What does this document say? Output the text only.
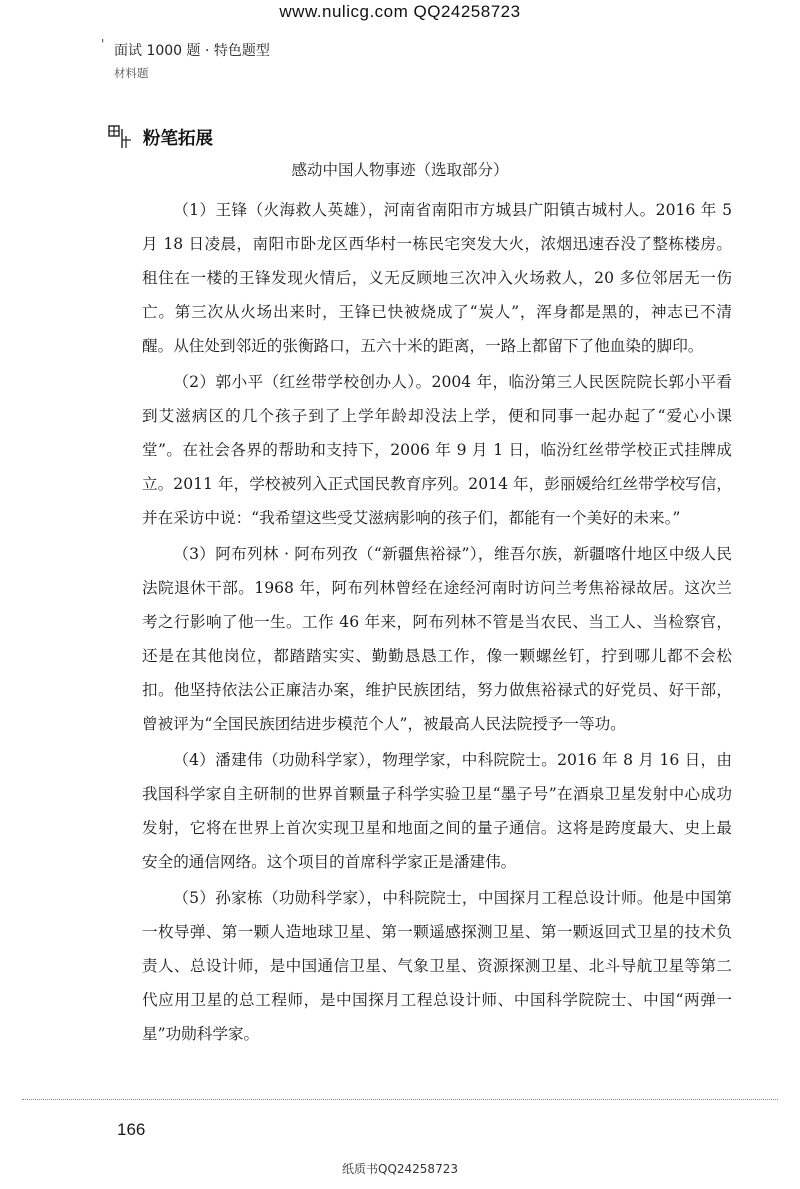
www.nulicg.com QQ24258723
' 面试 1000 题 · 特色题型
材料题
粉笔拓展
感动中国人物事迹（选取部分）

（1）王锋（火海救人英雄），河南省南阳市方城县广阳镇古城村人。2016 年 5 月 18 日凌晨，南阳市卧龙区西华村一栋民宅突发大火，浓烟迅速吞没了整栋楼房。租住在一楼的王锋发现火情后，义无反顾地三次冲入火场救人，20 多位邻居无一伤亡。第三次从火场出来时，王锋已快被烧成了“炭人”，浑身都是黑的，神志已不清醒。从住处到邻近的张衡路口，五六十米的距离，一路上都留下了他血染的脚印。

（2）郭小平（红丝带学校创办人）。2004 年，临汾第三人民医院院长郭小平看到艾滋病区的几个孩子到了上学年龄却没法上学，便和同事一起办起了“爱心小课堂”。在社会各界的帮助和支持下，2006 年 9 月 1 日，临汾红丝带学校正式挂牌成立。2011 年，学校被列入正式国民教育序列。2014 年，彭丽媛给红丝带学校写信，并在采访中说：“我希望这些受艾滋病影响的孩子们，都能有一个美好的未来。”

（3）阿布列林 · 阿布列孜（“新疆焦裕禄”），维吾尔族，新疆喀什地区中级人民法院退休干部。1968 年，阿布列林曾经在途经河南时访问兰考焦裕禄故居。这次兰考之行影响了他一生。工作 46 年来，阿布列林不管是当农民、当工人、当检察官，还是在其他岗位，都踏踏实实、勤勤恳恳工作，像一颗螺丝钉，拧到哪儿都不会松扣。他坚持依法公正廉洁办案，维护民族团结，努力做焦裕禄式的好党员、好干部，曾被评为“全国民族团结进步模范个人”，被最高人民法院授予一等功。

（4）潘建伟（功勋科学家），物理学家，中科院院士。2016 年 8 月 16 日，由我国科学家自主研制的世界首颗量子科学实验卫星“墨子号”在酒泉卫星发射中心成功发射，它将在世界上首次实现卫星和地面之间的量子通信。这将是跨度最大、史上最安全的通信网络。这个项目的首席科学家正是潘建伟。

（5）孙家栋（功勋科学家），中科院院士，中国探月工程总设计师。他是中国第一枚导弹、第一颗人造地球卫星、第一颗遥感探测卫星、第一颗返回式卫星的技术负责人、总设计师，是中国通信卫星、气象卫星、资源探测卫星、北斗导航卫星等第二代应用卫星的总工程师，是中国探月工程总设计师、中国科学院院士、中国“两弹一星”功勋科学家。

166
纸质书QQ24258723
